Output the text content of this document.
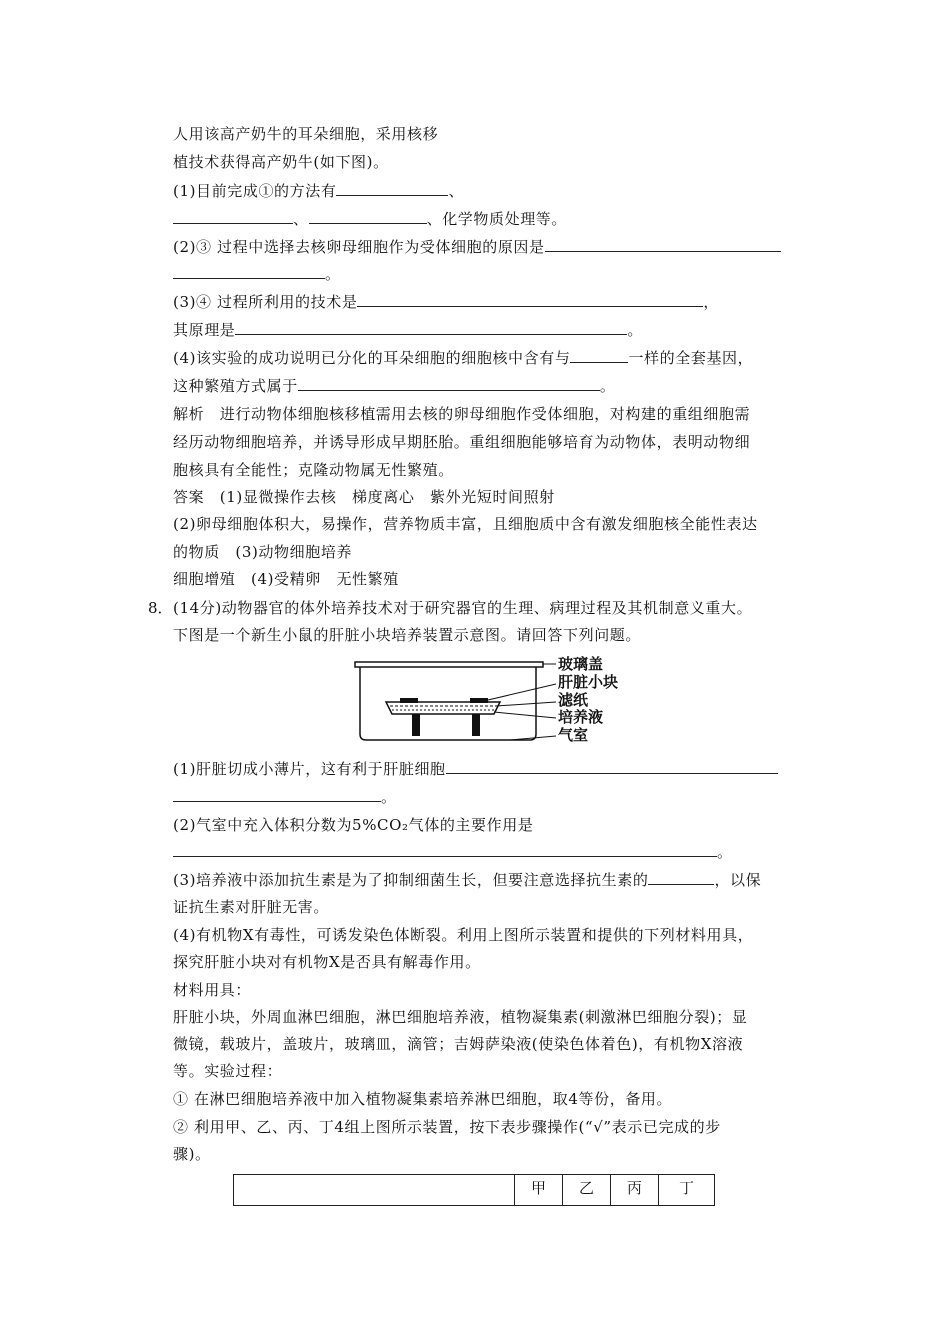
人用该高产奶牛的耳朵细胞，采用核移
植技术获得高产奶牛(如下图)。
(1)目前完成①的方法有	、
、	、化学物质处理等。
(2)③ 过程中选择去核卵母细胞作为受体细胞的原因是
。
(3)④ 过程所利用的技术是	，
其原理是	。
(4)该实验的成功说明已分化的耳朵细胞的细胞核中含有与	一样的全套基因，
这种繁殖方式属于	。
解析　进行动物体细胞核移植需用去核的卵母细胞作受体细胞，对构建的重组细胞需
经历动物细胞培养，并诱导形成早期胚胎。重组细胞能够培育为动物体，表明动物细
胞核具有全能性；克隆动物属无性繁殖。
答案　(1)显微操作去核　梯度离心　紫外光短时间照射
(2)卵母细胞体积大，易操作，营养物质丰富，且细胞质中含有激发细胞核全能性表达
的物质　(3)动物细胞培养
细胞增殖　(4)受精卵　无性繁殖
8． (14分)动物器官的体外培养技术对于研究器官的生理、病理过程及其机制意义重大。
下图是一个新生小鼠的肝脏小块培养装置示意图。请回答下列问题。
玻璃盖
肝脏小块
滤纸
培养液
气室
(1)肝脏切成小薄片，这有利于肝脏细胞
。
(2)气室中充入体积分数为5%CO₂气体的主要作用是
。
(3)培养液中添加抗生素是为了抑制细菌生长，但要注意选择抗生素的	，以保
证抗生素对肝脏无害。
(4)有机物X有毒性，可诱发染色体断裂。利用上图所示装置和提供的下列材料用具，
探究肝脏小块对有机物X是否具有解毒作用。
材料用具：
肝脏小块，外周血淋巴细胞，淋巴细胞培养液，植物凝集素(刺激淋巴细胞分裂)；显
微镜，载玻片，盖玻片，玻璃皿，滴管；吉姆萨染液(使染色体着色)，有机物X溶液
等。实验过程：
① 在淋巴细胞培养液中加入植物凝集素培养淋巴细胞，取4等份，备用。
② 利用甲、乙、丙、丁4组上图所示装置，按下表步骤操作(“√”表示已完成的步
骤)。
	甲	乙	丙	丁
